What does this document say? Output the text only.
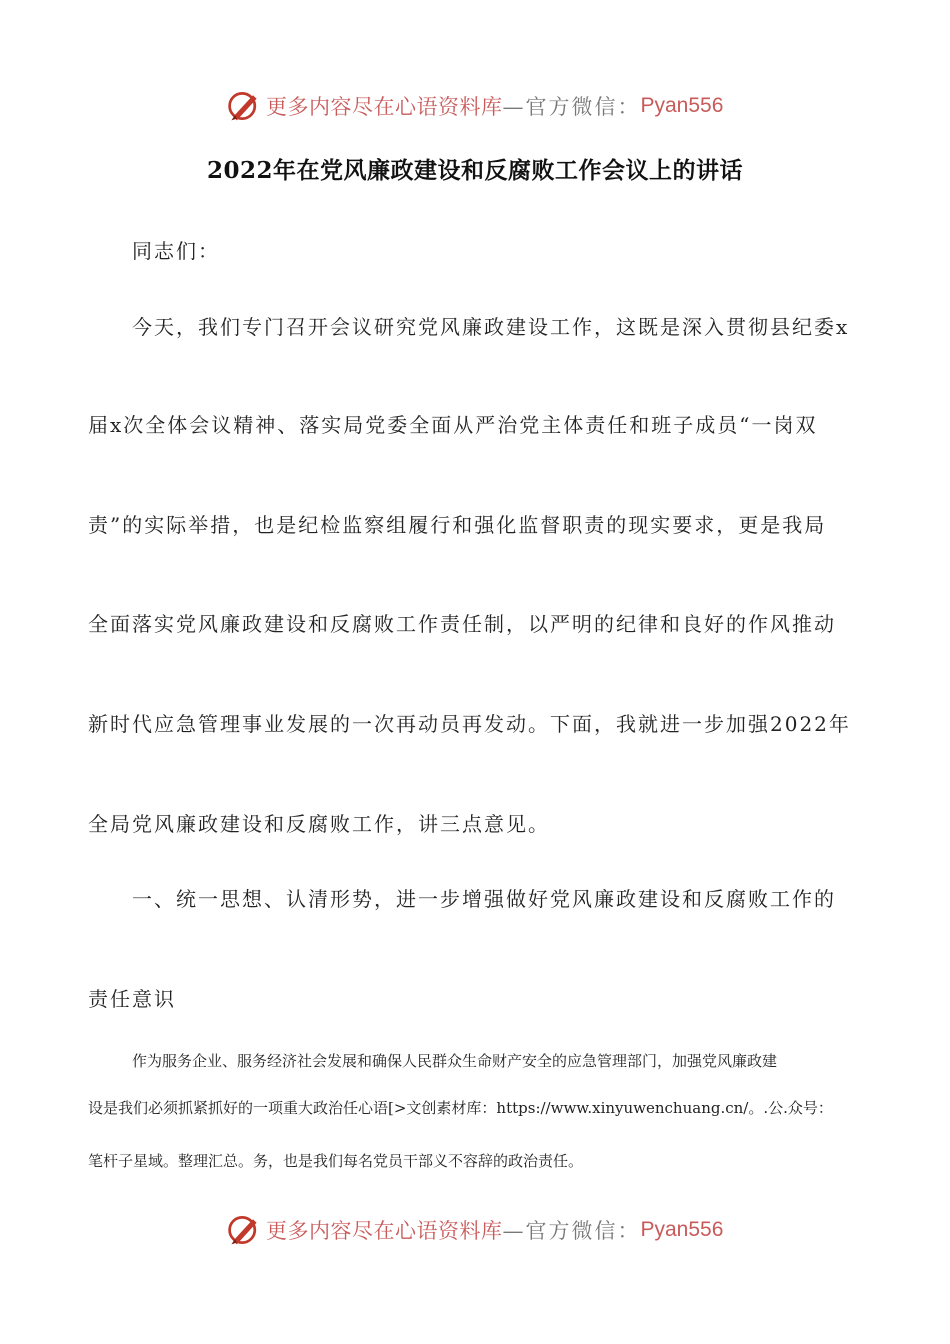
更多内容尽在心语资料库 —官方微信： Pyan556
2022年在党风廉政建设和反腐败工作会议上的讲话
同志们：
今天，我们专门召开会议研究党风廉政建设工作，这既是深入贯彻县纪委x
届x次全体会议精神、落实局党委全面从严治党主体责任和班子成员“一岗双
责”的实际举措，也是纪检监察组履行和强化监督职责的现实要求，更是我局
全面落实党风廉政建设和反腐败工作责任制，以严明的纪律和良好的作风推动
新时代应急管理事业发展的一次再动员再发动。下面，我就进一步加强2022年
全局党风廉政建设和反腐败工作，讲三点意见。
一、统一思想、认清形势，进一步增强做好党风廉政建设和反腐败工作的
责任意识
作为服务企业、服务经济社会发展和确保人民群众生命财产安全的应急管理部门，加强党风廉政建
设是我们必须抓紧抓好的一项重大政治任心语[>文创素材库：https://www.xinyuwenchuang.cn/。.公.众号：
笔杆子星域。整理汇总。务，也是我们每名党员干部义不容辞的政治责任。
更多内容尽在心语资料库 —官方微信： Pyan556
